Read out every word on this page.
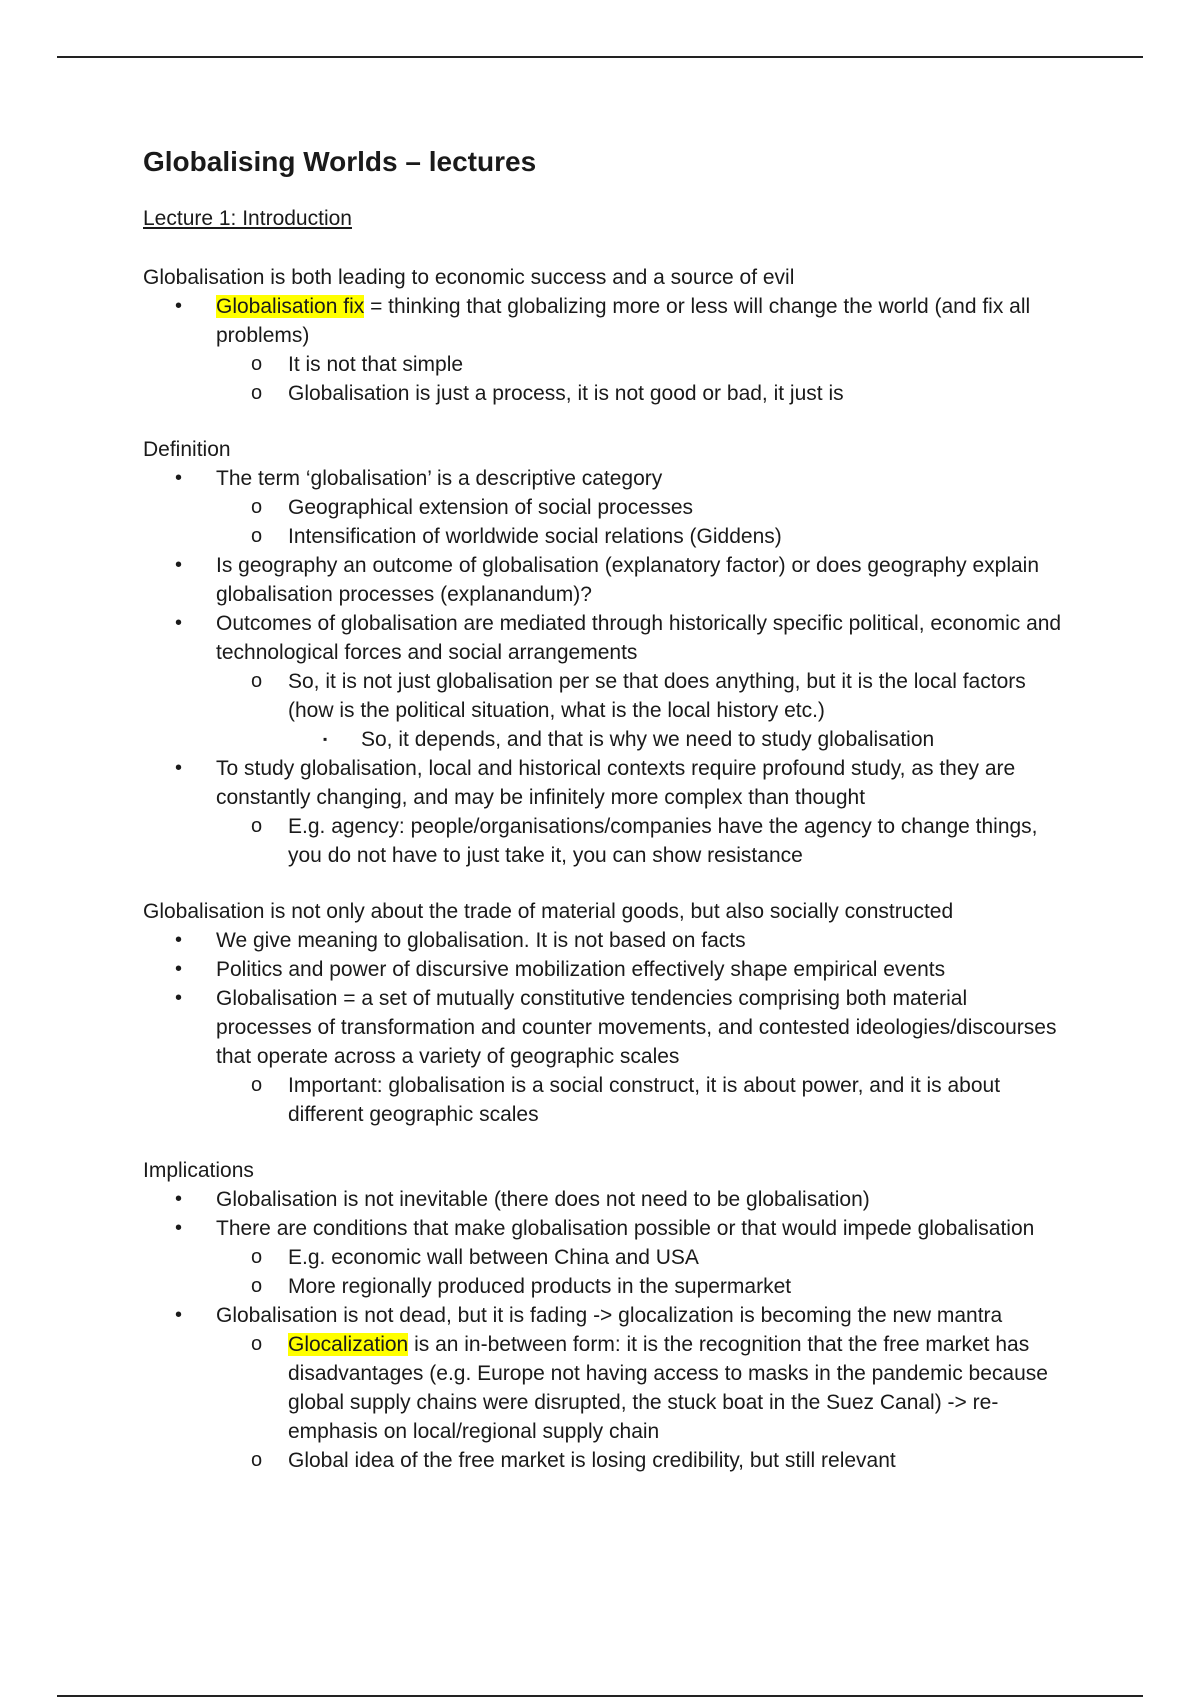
Globalising Worlds – lectures

Lecture 1: Introduction

Globalisation is both leading to economic success and a source of evil

• Globalisation fix = thinking that globalizing more or less will change the world (and fix all problems)
o It is not that simple
o Globalisation is just a process, it is not good or bad, it just is

Definition

• The term ‘globalisation’ is a descriptive category
o Geographical extension of social processes
o Intensification of worldwide social relations (Giddens)
• Is geography an outcome of globalisation (explanatory factor) or does geography explain globalisation processes (explanandum)?
• Outcomes of globalisation are mediated through historically specific political, economic and technological forces and social arrangements
o So, it is not just globalisation per se that does anything, but it is the local factors (how is the political situation, what is the local history etc.)
▪ So, it depends, and that is why we need to study globalisation
• To study globalisation, local and historical contexts require profound study, as they are constantly changing, and may be infinitely more complex than thought
o E.g. agency: people/organisations/companies have the agency to change things, you do not have to just take it, you can show resistance

Globalisation is not only about the trade of material goods, but also socially constructed

• We give meaning to globalisation. It is not based on facts
• Politics and power of discursive mobilization effectively shape empirical events
• Globalisation = a set of mutually constitutive tendencies comprising both material processes of transformation and counter movements, and contested ideologies/discourses that operate across a variety of geographic scales
o Important: globalisation is a social construct, it is about power, and it is about different geographic scales

Implications

• Globalisation is not inevitable (there does not need to be globalisation)
• There are conditions that make globalisation possible or that would impede globalisation
o E.g. economic wall between China and USA
o More regionally produced products in the supermarket
• Globalisation is not dead, but it is fading -> glocalization is becoming the new mantra
o Glocalization is an in-between form: it is the recognition that the free market has disadvantages (e.g. Europe not having access to masks in the pandemic because global supply chains were disrupted, the stuck boat in the Suez Canal) -> re-emphasis on local/regional supply chain
o Global idea of the free market is losing credibility, but still relevant
